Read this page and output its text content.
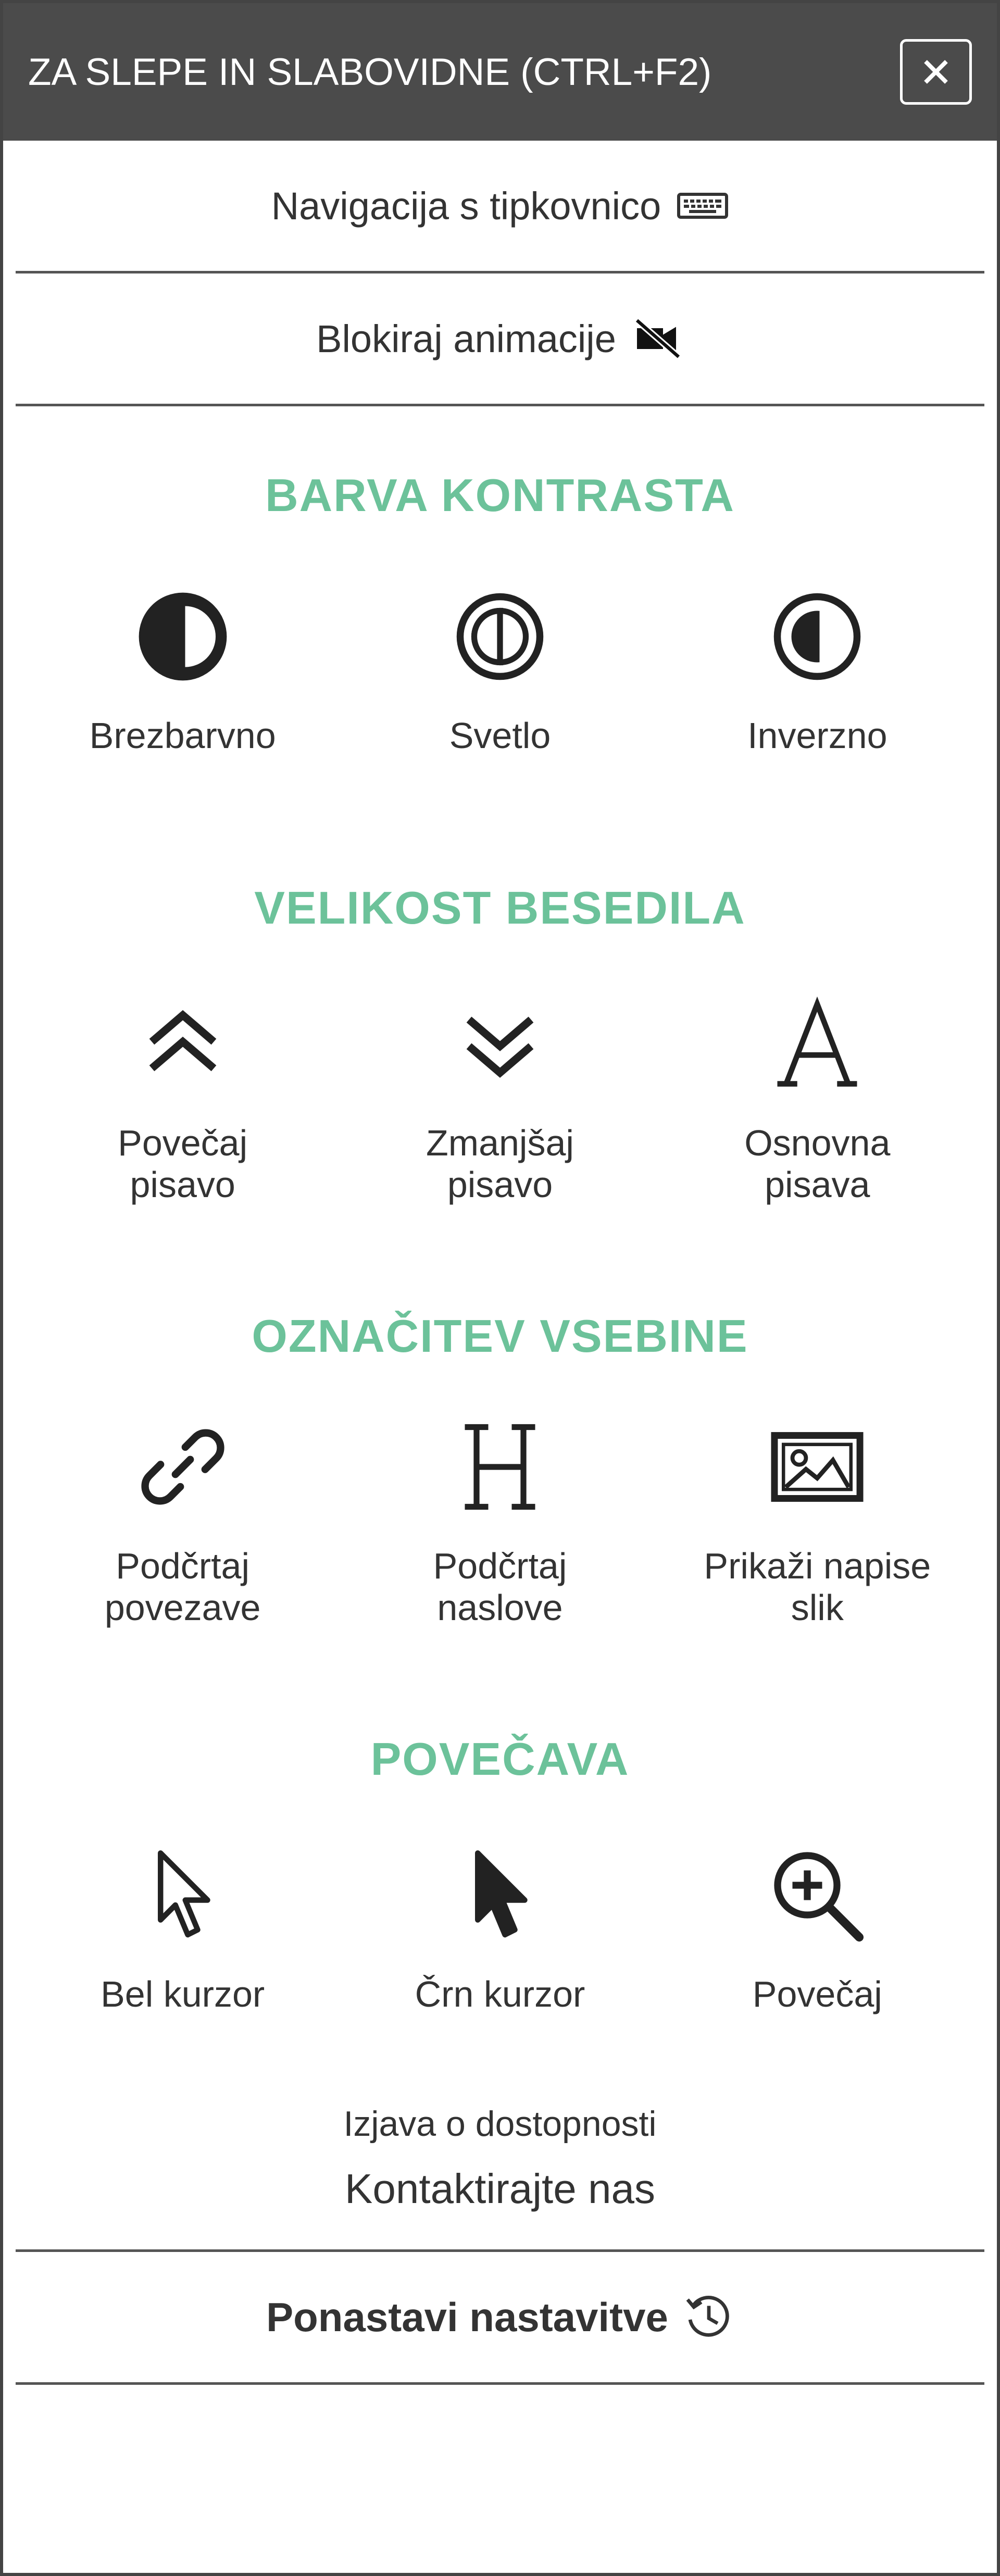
ZA SLEPE IN SLABOVIDNE (CTRL+F2)
Navigacija s tipkovnico
Blokiraj animacije
BARVA KONTRASTA
Brezbarvno	Svetlo	Inverzno
VELIKOST BESEDILA
Povečaj
pisavo
Zmanjšaj
pisavo
Osnovna
pisava
OZNAČITEV VSEBINE
Podčrtaj
povezave
Podčrtaj
naslove
Prikaži napise
slik
POVEČAVA
Bel kurzor	Črn kurzor	Povečaj
Izjava o dostopnosti
Kontaktirajte nas
Ponastavi nastavitve
